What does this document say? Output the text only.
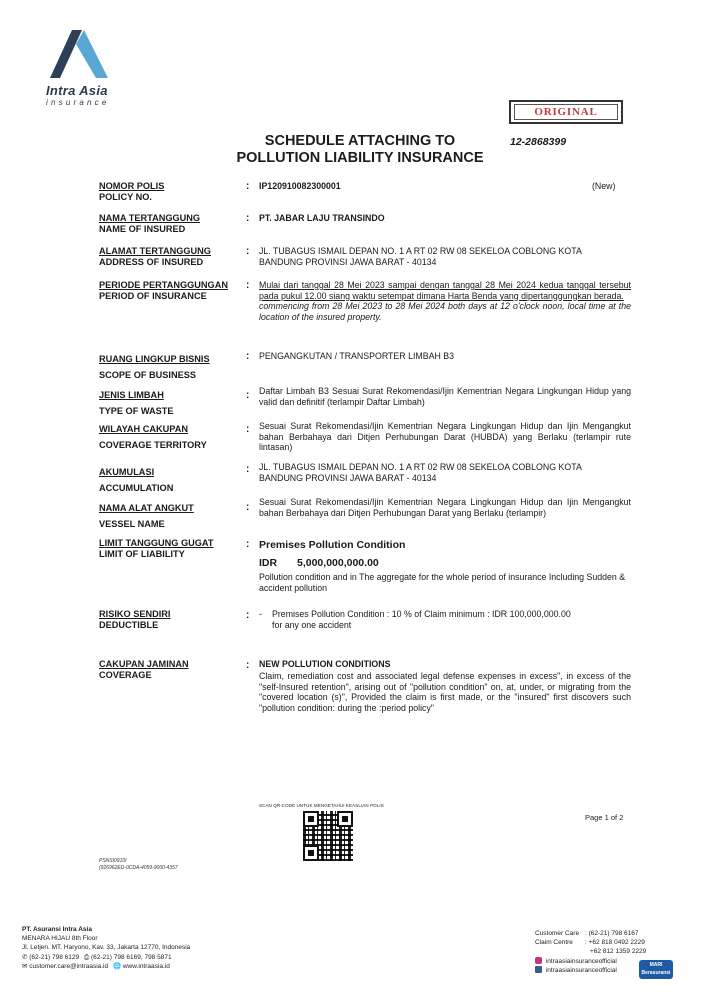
Intra Asia
insurance
ORIGINAL
SCHEDULE ATTACHING TO
POLLUTION LIABILITY INSURANCE
12-2868399
NOMOR POLIS
POLICY NO.
: IP120910082300001	(New)
NAMA TERTANGGUNG
NAME OF INSURED
: PT. JABAR LAJU TRANSINDO
ALAMAT TERTANGGUNG
ADDRESS OF INSURED
: JL. TUBAGUS ISMAIL DEPAN NO. 1 A RT 02 RW 08 SEKELOA COBLONG KOTA
BANDUNG PROVINSI JAWA BARAT - 40134
PERIODE PERTANGGUNGAN
PERIOD OF INSURANCE
: Mulai dari tanggal 28 Mei 2023 sampai dengan tanggal 28 Mei 2024 kedua tanggal tersebut pada pukul 12.00 siang waktu setempat dimana Harta Benda yang dipertanggungkan berada.
commencing from 28 Mei 2023 to 28 Mei 2024 both days at 12 o'clock noon, local time at the location of the insured property.
RUANG LINGKUP BISNIS
SCOPE OF BUSINESS
: PENGANGKUTAN / TRANSPORTER LIMBAH B3
JENIS LIMBAH
TYPE OF WASTE
: Daftar Limbah B3 Sesuai Surat Rekomendasi/Ijin Kementrian Negara Lingkungan Hidup yang valid dan definitif (terlampir Daftar Limbah)
WILAYAH CAKUPAN
COVERAGE TERRITORY
: Sesuai Surat Rekomendasi/Ijin Kementrian Negara Lingkungan Hidup dan Ijin Mengangkut bahan Berbahaya dari Ditjen Perhubungan Darat (HUBDA) yang Berlaku (terlampir rute lintasan)
AKUMULASI
ACCUMULATION
: JL. TUBAGUS ISMAIL DEPAN NO. 1 A RT 02 RW 08 SEKELOA COBLONG KOTA
BANDUNG PROVINSI JAWA BARAT - 40134
NAMA ALAT ANGKUT
VESSEL NAME
: Sesuai Surat Rekomendasi/Ijin Kementrian Negara Lingkungan Hidup dan Ijin Mengangkut bahan Berbahaya dari Ditjen Perhubungan Darat yang Berlaku (terlampir)
LIMIT TANGGUNG GUGAT
LIMIT OF LIABILITY
: Premises Pollution Condition
IDR 5,000,000,000.00
Pollution condition and in The aggregate for the whole period of insurance Including Sudden & accident pollution
RISIKO SENDIRI
DEDUCTIBLE
: -	Premises Pollution Condition : 10 % of Claim minimum : IDR 100,000,000.00
for any one accident
CAKUPAN JAMINAN
COVERAGE
: NEW POLLUTION CONDITIONS
Claim, remediation cost and associated legal defense expenses in excess", in excess of the "self-Insured retention", arising out of "pollution condition" on, at, under, or migrating from the "covered location (s)", Provided the claim is first made, or the "insured" first discovers such "pollution condition: during the :period policy"
SCAN QR-CODE UNTUK MENGETAHUI KEASLIAN POLIS
Page 1 of 2
PSNSI0910I
(926962ED-0CDA-4059-9000-4357
PT. Asuransi Intra Asia
MENARA HIJAU 8th Floor
Jl. Letjen. MT. Haryono, Kav. 33, Jakarta 12770, Indonesia
✆ (62-21) 798 6129 ⎙ (62-21) 798 6169, 798 5871
✉ customer.care@intraasia.id 🌐 www.intraasia.id
Customer Care : (62-21) 798 6167
Claim Centre : +62 818 0492 2229
+62 812 1359 2229
intraasiainsuranceofficial
intraasiainsuranceofficial
MARI Berasuransi
